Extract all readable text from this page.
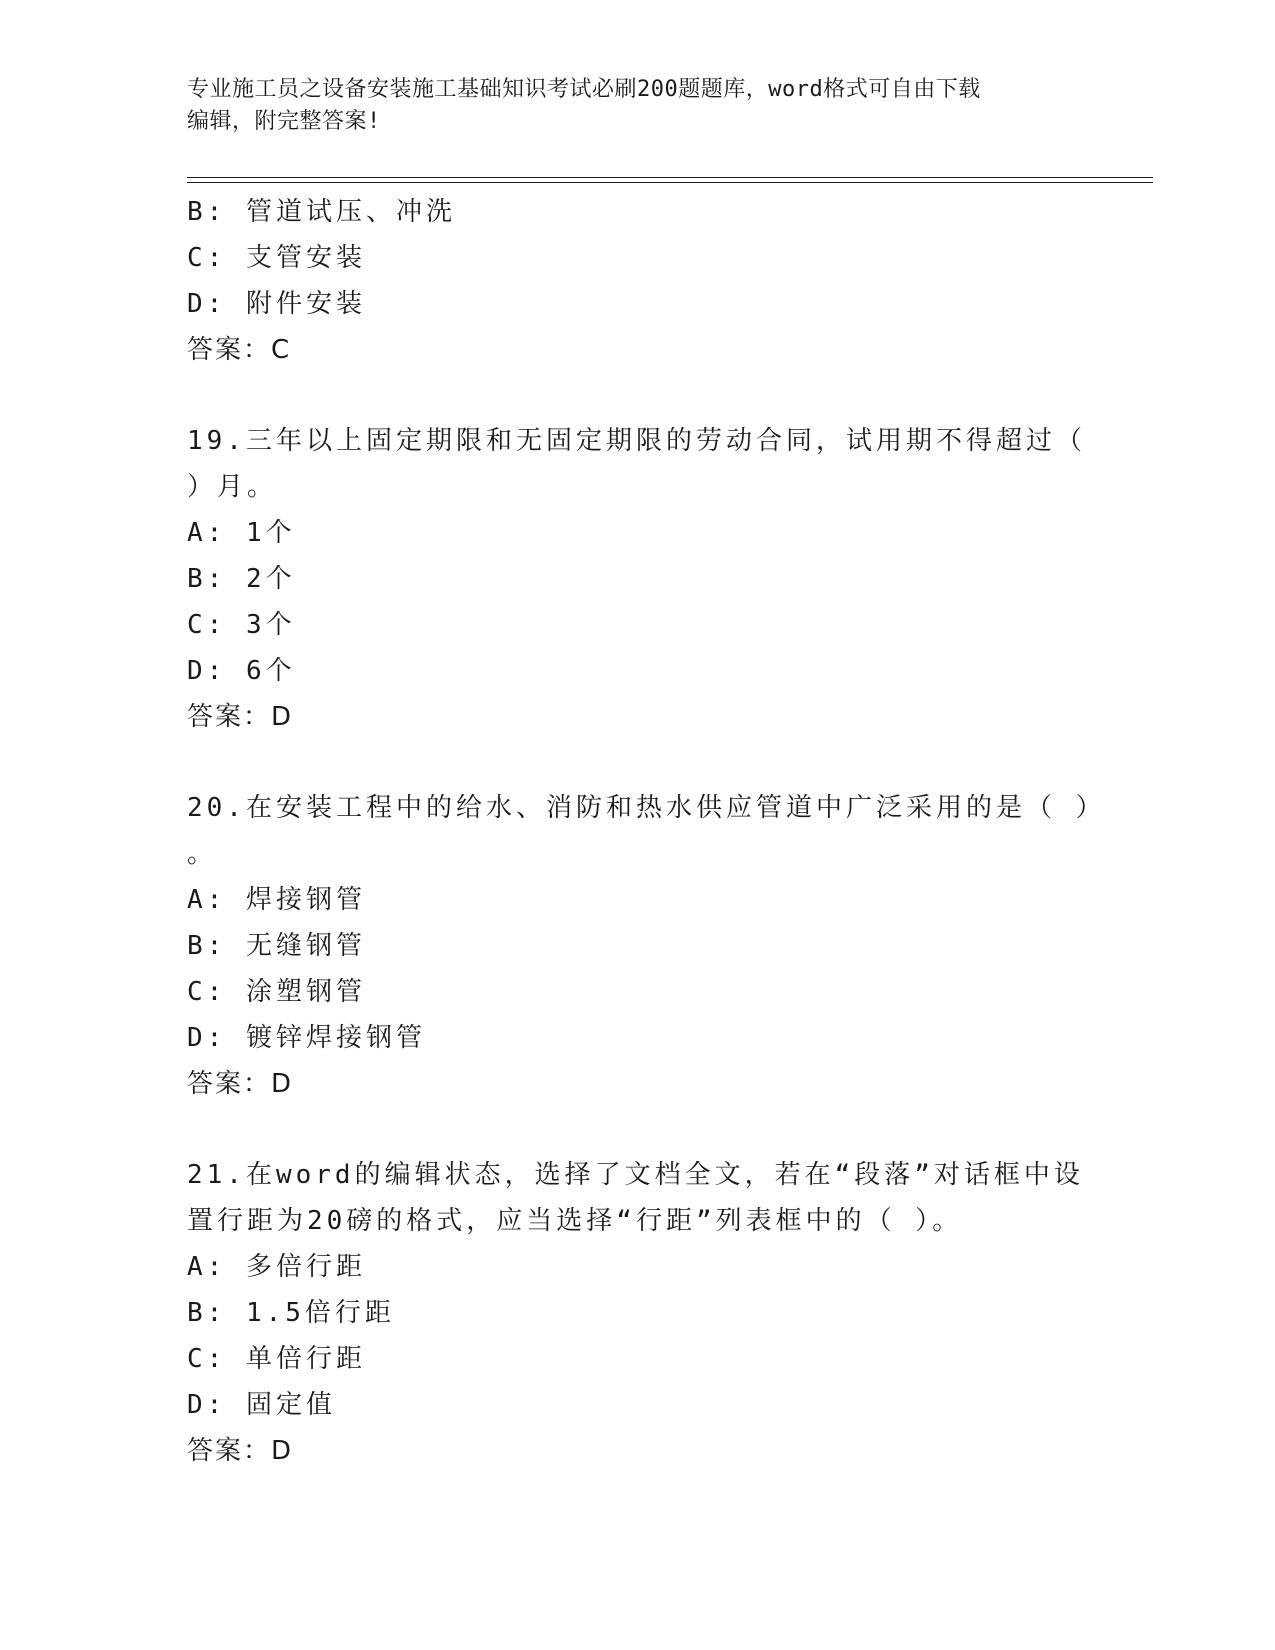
专业施工员之设备安装施工基础知识考试必刷200题题库，word格式可自由下载
编辑，附完整答案!
B: 管道试压、冲洗
C: 支管安装
D: 附件安装
答案：C
19.三年以上固定期限和无固定期限的劳动合同，试用期不得超过（
）月。
A: 1个
B: 2个
C: 3个
D: 6个
答案：D
20.在安装工程中的给水、消防和热水供应管道中广泛采用的是（ ）
。
A: 焊接钢管
B: 无缝钢管
C: 涂塑钢管
D: 镀锌焊接钢管
答案：D
21.在word的编辑状态，选择了文档全文，若在“段落”对话框中设
置行距为20磅的格式，应当选择“行距”列表框中的（ ）。
A: 多倍行距
B: 1.5倍行距
C: 单倍行距
D: 固定值
答案：D
